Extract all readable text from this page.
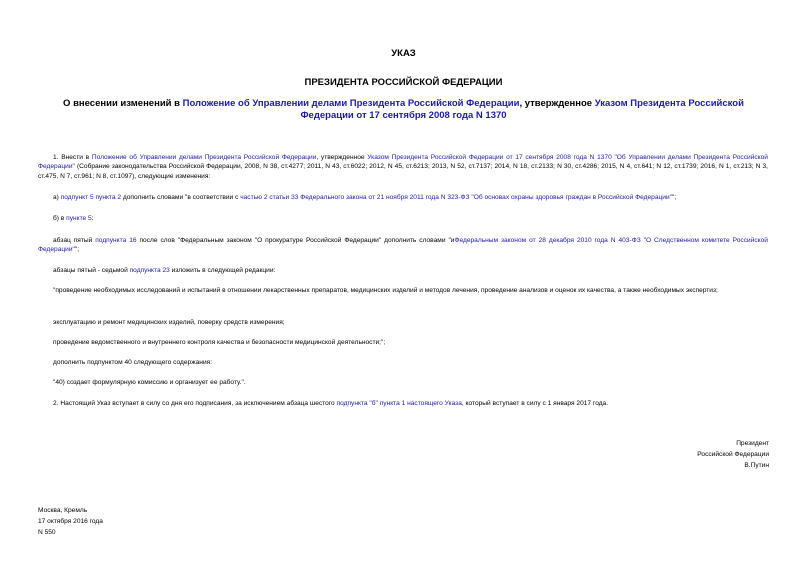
УКАЗ
ПРЕЗИДЕНТА РОССИЙСКОЙ ФЕДЕРАЦИИ

О внесении изменений в Положение об Управлении делами Президента Российской Федерации, утвержденное Указом Президента Российской Федерации от 17 сентября 2008 года N 1370

1. Внести в Положение об Управлении делами Президента Российской Федерации, утвержденное Указом Президента Российской Федерации от 17 сентября 2008 года N 1370 "Об Управлении делами Президента Российской Федерации" (Собрание законодательства Российской Федерации, 2008, N 38, ст.4277; 2011, N 43, ст.6022; 2012, N 45, ст.6213; 2013, N 52, ст.7137; 2014, N 18, ст.2133; N 30, ст.4286; 2015, N 4, ст.641; N 12, ст.1739; 2016, N 1, ст.213; N 3, ст.475, N 7, ст.961; N 8, ст.1097), следующие изменения:

а) подпункт 5 пункта 2 дополнить словами "в соответствии с частью 2 статьи 33 Федерального закона от 21 ноября 2011 года N 323-ФЗ "Об основах охраны здоровья граждан в Российской Федерации"";

б) в пункте 5:

абзац пятый подпункта 16 после слов "Федеральным законом "О прокуратуре Российской Федерации" дополнить словами "иФедеральным законом от 28 декабря 2010 года N 403-ФЗ "О Следственном комитете Российской Федерации"";

абзацы пятый - седьмой подпункта 23 изложить в следующей редакции:

"проведение необходимых исследований и испытаний в отношении лекарственных препаратов, медицинских изделий и методов лечения, проведение анализов и оценок их качества, а также необходимых экспертиз;

эксплуатацию и ремонт медицинских изделий, поверку средств измерения;

проведение ведомственного и внутреннего контроля качества и безопасности медицинской деятельности;";

дополнить подпунктом 40 следующего содержания:

"40) создает формулярную комиссию и организует ее работу.".

2. Настоящий Указ вступает в силу со дня его подписания, за исключением абзаца шестого подпункта "б" пункта 1 настоящего Указа, который вступает в силу с 1 января 2017 года.

Президент
Российской Федерации
В.Путин
Москва, Кремль
17 октября 2016 года
N 550
